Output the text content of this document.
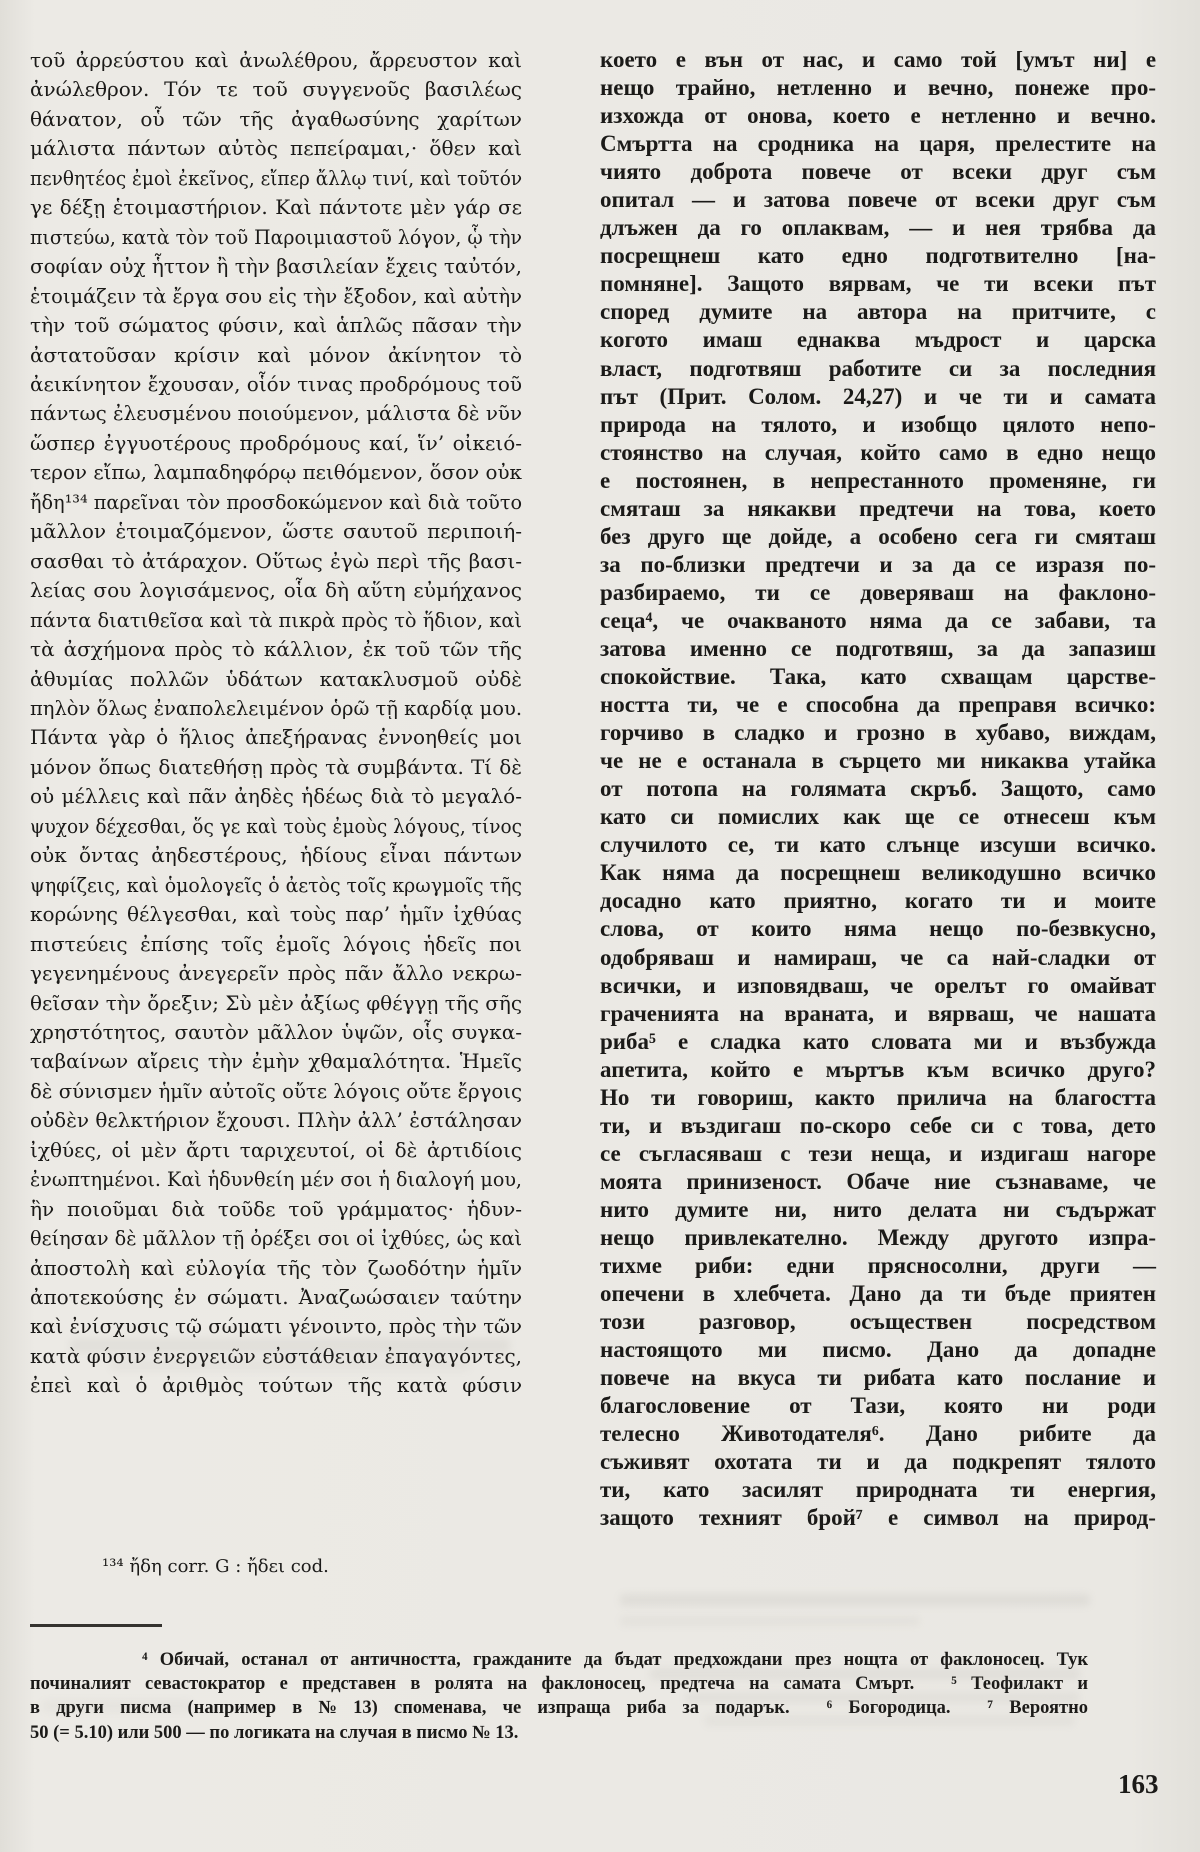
τοῦ ἀρρεύστου καὶ ἀνωλέθρου, ἄρρευστον καὶ
ἀνώλεθρον. Τόν τε τοῦ συγγενοῦς βασιλέως
θάνατον, οὗ τῶν τῆς ἀγαθωσύνης χαρίτων
μάλιστα πάντων αὐτὸς πεπείραμαι,· ὅθεν καὶ
πενθητέος ἐμοὶ ἐκεῖνος, εἴπερ ἄλλῳ τινί, καὶ τοῦτόν
γε δέξῃ ἑτοιμαστήριον. Καὶ πάντοτε μὲν γάρ σε
πιστεύω, κατὰ τὸν τοῦ Παροιμιαστοῦ λόγον, ᾧ τὴν
σοφίαν οὐχ ἧττον ἢ τὴν βασιλείαν ἔχεις ταὐτόν,
ἑτοιμάζειν τὰ ἔργα σου εἰς τὴν ἔξοδον, καὶ αὐτὴν
τὴν τοῦ σώματος φύσιν, καὶ ἁπλῶς πᾶσαν τὴν
ἀστατοῦσαν κρίσιν καὶ μόνον ἀκίνητον τὸ
ἀεικίνητον ἔχουσαν, οἷόν τινας προδρόμους τοῦ
πάντως ἐλευσμένου ποιούμενον, μάλιστα δὲ νῦν
ὥσπερ ἐγγυοτέρους προδρόμους καί, ἵν’ οἰκειό-
τερον εἴπω, λαμπαδηφόρῳ πειθόμενον, ὅσον οὐκ
ἤδη¹³⁴ παρεῖναι τὸν προσδοκώμενον καὶ διὰ τοῦτο
μᾶλλον ἑτοιμαζόμενον, ὥστε σαυτοῦ περιποιή-
σασθαι τὸ ἀτάραχον. Οὕτως ἐγὼ περὶ τῆς βασι-
λείας σου λογισάμενος, οἷα δὴ αὕτη εὐμήχανος
πάντα διατιθεῖσα καὶ τὰ πικρὰ πρὸς τὸ ἥδιον, καὶ
τὰ ἀσχήμονα πρὸς τὸ κάλλιον, ἐκ τοῦ τῶν τῆς
ἀθυμίας πολλῶν ὑδάτων κατακλυσμοῦ οὐδὲ
πηλὸν ὅλως ἐναπολελειμένον ὁρῶ τῇ καρδίᾳ μου.
Πάντα γὰρ ὁ ἥλιος ἀπεξήρανας ἐννοηθείς μοι
μόνον ὅπως διατεθήσῃ πρὸς τὰ συμβάντα. Τί δὲ
οὐ μέλλεις καὶ πᾶν ἀηδὲς ἡδέως διὰ τὸ μεγαλό-
ψυχον δέχεσθαι, ὅς γε καὶ τοὺς ἐμοὺς λόγους, τίνος
οὐκ ὄντας ἀηδεστέρους, ἡδίους εἶναι πάντων
ψηφίζεις, καὶ ὁμολογεῖς ὁ ἀετὸς τοῖς κρωγμοῖς τῆς
κορώνης θέλγεσθαι, καὶ τοὺς παρ’ ἡμῖν ἰχθύας
πιστεύεις ἐπίσης τοῖς ἐμοῖς λόγοις ἡδεῖς ποι
γεγενημένους ἀνεγερεῖν πρὸς πᾶν ἄλλο νεκρω-
θεῖσαν τὴν ὄρεξιν; Σὺ μὲν ἀξίως φθέγγῃ τῆς σῆς
χρηστότητος, σαυτὸν μᾶλλον ὑψῶν, οἷς συγκα-
ταβαίνων αἴρεις τὴν ἐμὴν χθαμαλότητα. Ἡμεῖς
δὲ σύνισμεν ἡμῖν αὐτοῖς οὔτε λόγοις οὔτε ἔργοις
οὐδὲν θελκτήριον ἔχουσι. Πλὴν ἀλλ’ ἐστάλησαν
ἰχθύες, οἱ μὲν ἄρτι ταριχευτοί, οἱ δὲ ἀρτιδίοις
ἐνωπτημένοι. Καὶ ἡδυνθείη μέν σοι ἡ διαλογή μου,
ἣν ποιοῦμαι διὰ τοῦδε τοῦ γράμματος· ἡδυν-
θείησαν δὲ μᾶλλον τῇ ὀρέξει σοι οἱ ἰχθύες, ὡς καὶ
ἀποστολὴ καὶ εὐλογία τῆς τὸν ζωοδότην ἡμῖν
ἀποτεκούσης ἐν σώματι. Ἀναζωώσαιεν ταύτην
καὶ ἐνίσχυσις τῷ σώματι γένοιντο, πρὸς τὴν τῶν
κατὰ φύσιν ἐνεργειῶν εὐστάθειαν ἐπαγαγόντες,
ἐπεὶ καὶ ὁ ἀριθμὸς τούτων τῆς κατὰ φύσιν
което е вън от нас, и само той [умът ни] е
нещо трайно, нетленно и вечно, понеже про-
изхожда от онова, което е нетленно и вечно.
Смъртта на сродника на царя, прелестите на
чиято доброта повече от всеки друг съм
опитал — и затова повече от всеки друг съм
длъжен да го оплаквам, — и нея трябва да
посрещнеш като едно подготвително [на-
помняне]. Защото вярвам, че ти всеки път
според думите на автора на притчите, с
когото имаш еднаква мъдрост и царска
власт, подготвяш работите си за последния
път (Прит. Солом. 24,27) и че ти и самата
природа на тялото, и изобщо цялото непо-
стоянство на случая, който само в едно нещо
е постоянен, в непрестанното променяне, ги
смяташ за някакви предтечи на това, което
без друго ще дойде, а особено сега ги смяташ
за по-близки предтечи и за да се изразя по-
разбираемо, ти се доверяваш на факлоно-
сеца⁴, че очакваното няма да се забави, та
затова именно се подготвяш, за да запазиш
спокойствие. Така, като схващам царстве-
ността ти, че е способна да преправя всичко:
горчиво в сладко и грозно в хубаво, виждам,
че не е останала в сърцето ми никаква утайка
от потопа на голямата скръб. Защото, само
като си помислих как ще се отнесеш към
случилото се, ти като слънце изсуши всичко.
Как няма да посрещнеш великодушно всичко
досадно като приятно, когато ти и моите
слова, от които няма нещо по-безвкусно,
одобряваш и намираш, че са най-сладки от
всички, и изповядваш, че орелът го омайват
граченията на враната, и вярваш, че нашата
риба⁵ е сладка като словата ми и възбужда
апетита, който е мъртъв към всичко друго?
Но ти говориш, както прилича на благостта
ти, и въздигаш по-скоро себе си с това, дето
се съгласяваш с тези неща, и издигаш нагоре
моята принизеност. Обаче ние съзнаваме, че
нито думите ни, нито делата ни съдържат
нещо привлекателно. Между другото изпра-
тихме риби: едни прясносолни, други —
опечени в хлебчета. Дано да ти бъде приятен
този разговор, осъществен посредством
настоящото ми писмо. Дано да допадне
повече на вкуса ти рибата като послание и
благословение от Тази, която ни роди
телесно Животодателя⁶. Дано рибите да
съживят охотата ти и да подкрепят тялото
ти, като засилят природната ти енергия,
защото техният брой⁷ е символ на природ-
¹³⁴ ἤδη corr. G : ἤδει cod.
⁴ Обичай, останал от античността, гражданите да бъдат предхождани през нощта от факлоносец. Тук
починалият севастократор е представен в ролята на факлоносец, предтеча на самата Смърт.  ⁵ Теофилакт и
в други писма (например в № 13) споменава, че изпраща риба за подарък.  ⁶ Богородица.  ⁷ Вероятно
50 (= 5.10) или 500 — по логиката на случая в писмо № 13.
163
